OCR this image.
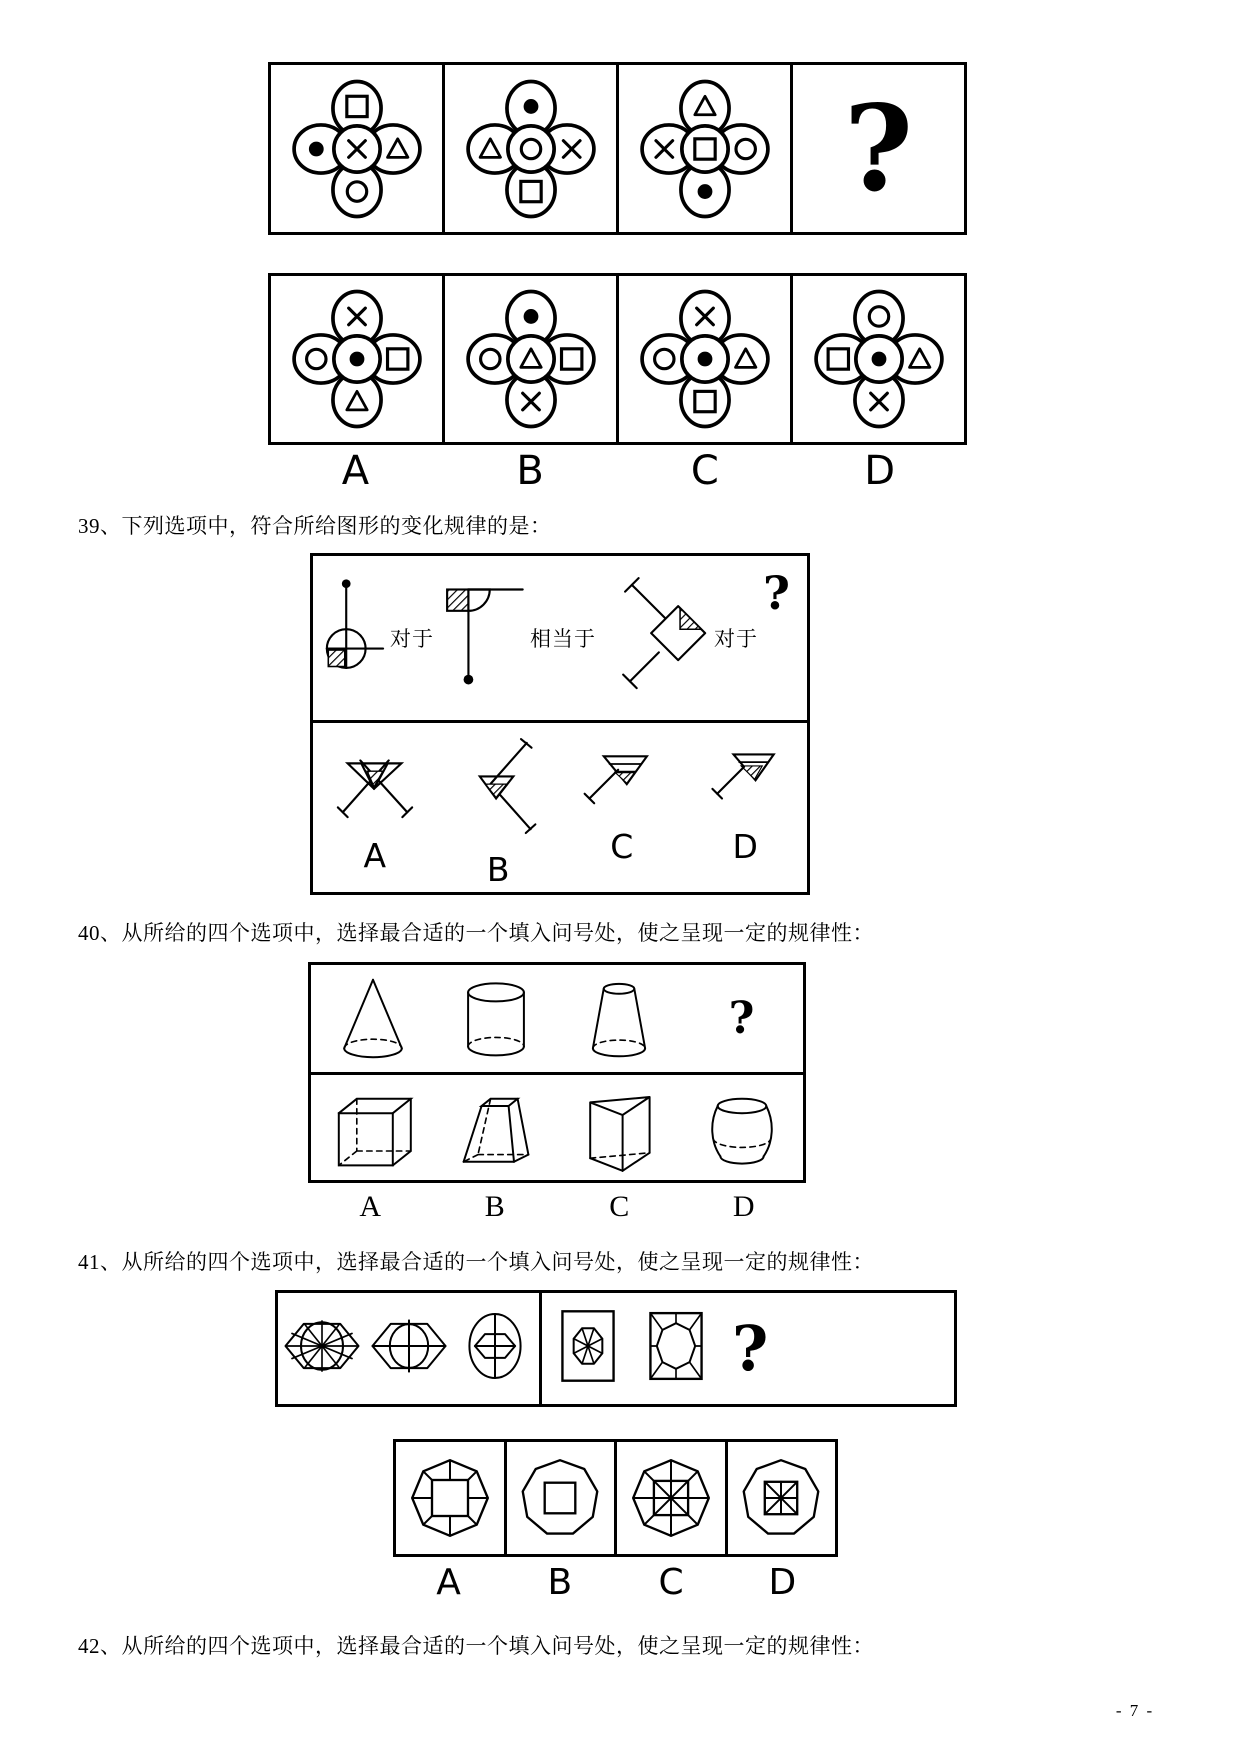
?
A	B	C	D
39、下列选项中，符合所给图形的变化规律的是：
对于	相当于	对于
?
A	B
C	D
40、从所给的四个选项中，选择最合适的一个填入问号处，使之呈现一定的规律性：
?
A	B	C	D
41、从所给的四个选项中，选择最合适的一个填入问号处，使之呈现一定的规律性：
?
A	B	C	D
42、从所给的四个选项中，选择最合适的一个填入问号处，使之呈现一定的规律性：
- 7 -
